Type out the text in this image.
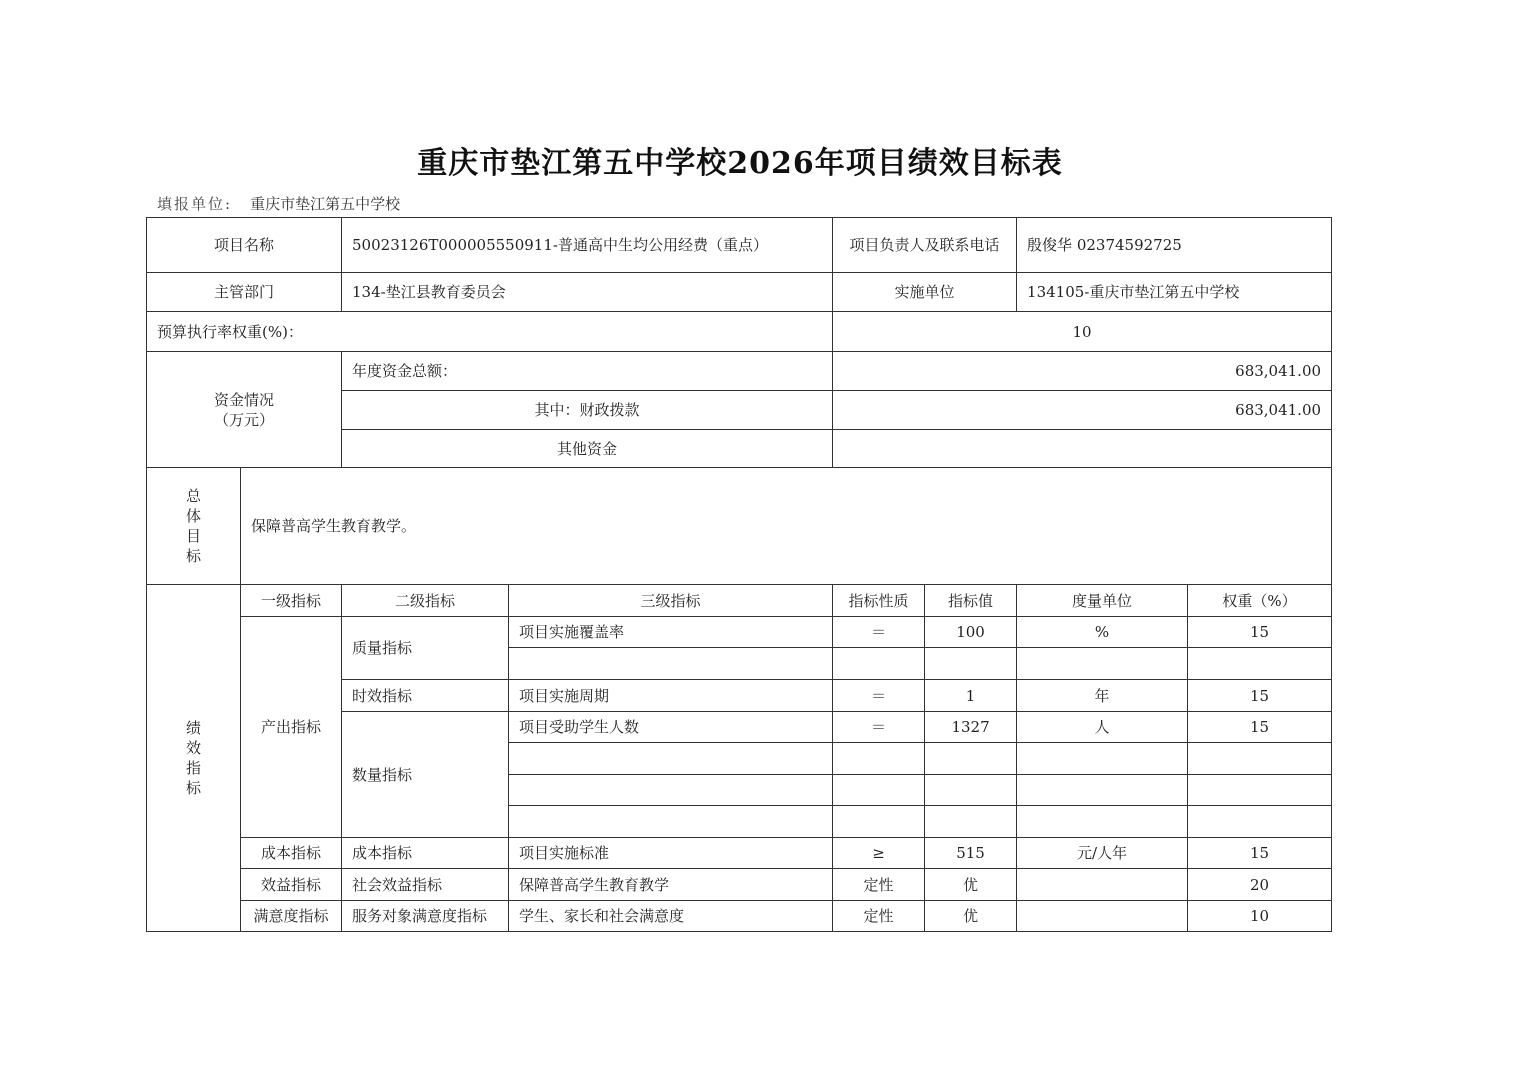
重庆市垫江第五中学校2026年项目绩效目标表
填报单位: 重庆市垫江第五中学校
项目名称		50023126T000005550911-普通高中生均公用经费（重点）		项目负责人及联系电话		殷俊华 02374592725	
主管部门		134-垫江县教育委员会		实施单位		134105-重庆市垫江第五中学校	
预算执行率权重(%)：				10			
资金情况
（万元）		年度资金总额：		683,041.00			
		其中：财政拨款		683,041.00			
		其他资金					

总
体
目
标	保障普高学生教育教学。						

绩
效
指
标	一级指标	二级指标	三级指标	指标性质	指标值	度量单位	权重（%）
	产出指标	质量指标	项目实施覆盖率	＝	100	%	15

		时效指标	项目实施周期	＝	1	年	15
		数量指标	项目受助学生人数	＝	1327	人	15

	成本指标	成本指标	项目实施标准	≥	515	元/人年	15
	效益指标	社会效益指标	保障普高学生教育教学	定性	优		20
	满意度指标	服务对象满意度指标	学生、家长和社会满意度	定性	优		10
